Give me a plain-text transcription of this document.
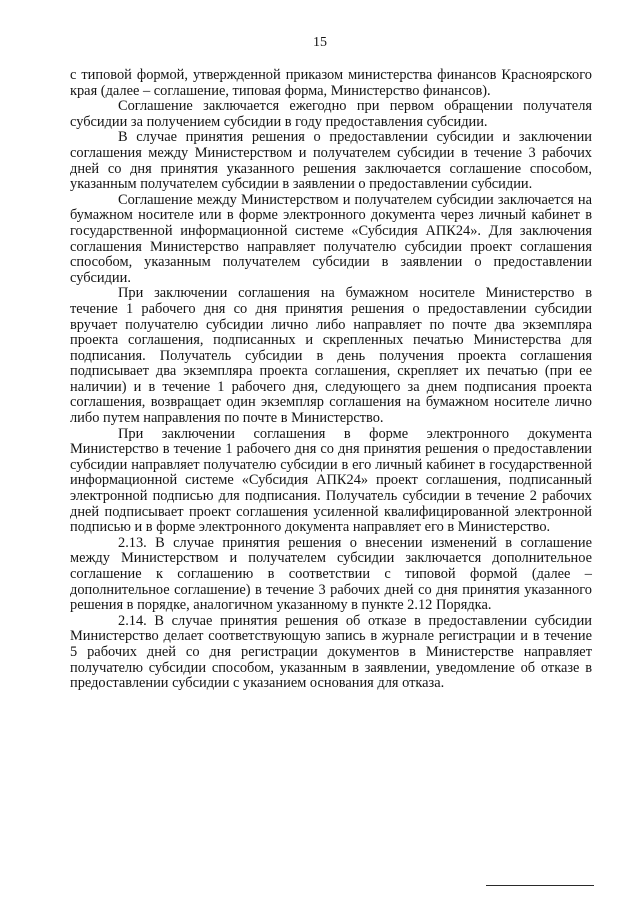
15

с типовой формой, утвержденной приказом министерства финансов Красноярского края (далее – соглашение, типовая форма, Министерство финансов).

Соглашение заключается ежегодно при первом обращении получателя субсидии за получением субсидии в году предоставления субсидии.

В случае принятия решения о предоставлении субсидии и заключении соглашения между Министерством и получателем субсидии в течение 3 рабочих дней со дня принятия указанного решения заключается соглашение способом, указанным получателем субсидии в заявлении о предоставлении субсидии.

Соглашение между Министерством и получателем субсидии заключается на бумажном носителе или в форме электронного документа через личный кабинет в государственной информационной системе «Субсидия АПК24». Для заключения соглашения Министерство направляет получателю субсидии проект соглашения способом, указанным получателем субсидии в заявлении о предоставлении субсидии.

При заключении соглашения на бумажном носителе Министерство в течение 1 рабочего дня со дня принятия решения о предоставлении субсидии вручает получателю субсидии лично либо направляет по почте два экземпляра проекта соглашения, подписанных и скрепленных печатью Министерства для подписания. Получатель субсидии в день получения проекта соглашения подписывает два экземпляра проекта соглашения, скрепляет их печатью (при ее наличии) и в течение 1 рабочего дня, следующего за днем подписания проекта соглашения, возвращает один экземпляр соглашения на бумажном носителе лично либо путем направления по почте в Министерство.

При заключении соглашения в форме электронного документа Министерство в течение 1 рабочего дня со дня принятия решения о предоставлении субсидии направляет получателю субсидии в его личный кабинет в государственной информационной системе «Субсидия АПК24» проект соглашения, подписанный электронной подписью для подписания. Получатель субсидии в течение 2 рабочих дней подписывает проект соглашения усиленной квалифицированной электронной подписью и в форме электронного документа направляет его в Министерство.

2.13. В случае принятия решения о внесении изменений в соглашение между Министерством и получателем субсидии заключается дополнительное соглашение к соглашению в соответствии с типовой формой (далее – дополнительное соглашение) в течение 3 рабочих дней со дня принятия указанного решения в порядке, аналогичном указанному в пункте 2.12 Порядка.

2.14. В случае принятия решения об отказе в предоставлении субсидии Министерство делает соответствующую запись в журнале регистрации и в течение 5 рабочих дней со дня регистрации документов в Министерстве направляет получателю субсидии способом, указанным в заявлении, уведомление об отказе в предоставлении субсидии с указанием основания для отказа.
